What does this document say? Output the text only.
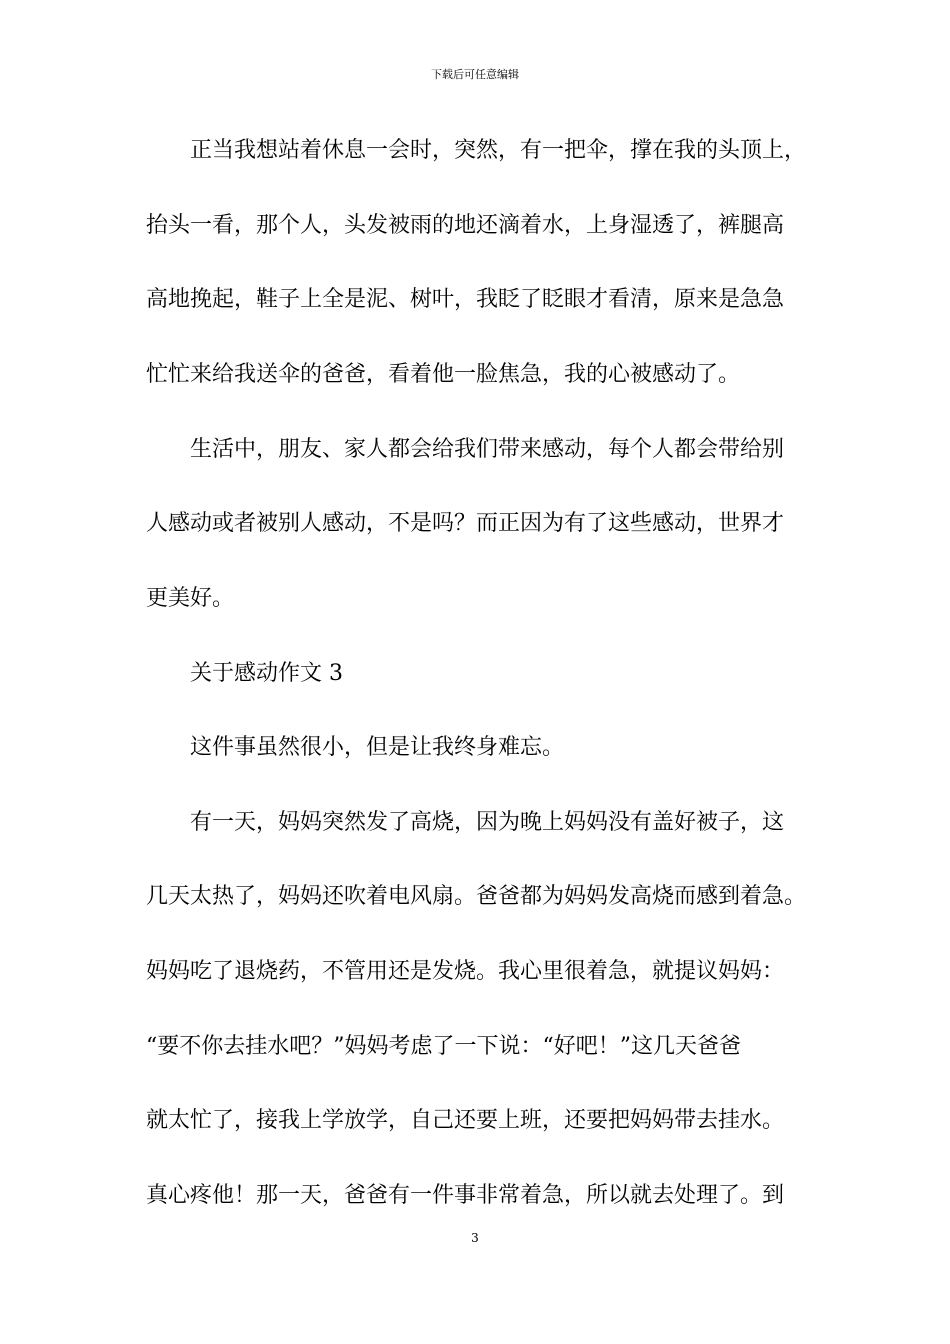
下载后可任意编辑
正当我想站着休息一会时，突然，有一把伞，撑在我的头顶上，
抬头一看，那个人，头发被雨的地还滴着水，上身湿透了，裤腿高
高地挽起，鞋子上全是泥、树叶，我眨了眨眼才看清，原来是急急
忙忙来给我送伞的爸爸，看着他一脸焦急，我的心被感动了。
生活中，朋友、家人都会给我们带来感动，每个人都会带给别
人感动或者被别人感动，不是吗？而正因为有了这些感动，世界才
更美好。
关于感动作文 3
这件事虽然很小，但是让我终身难忘。
有一天，妈妈突然发了高烧，因为晚上妈妈没有盖好被子，这
几天太热了，妈妈还吹着电风扇。爸爸都为妈妈发高烧而感到着急。
妈妈吃了退烧药，不管用还是发烧。我心里很着急，就提议妈妈：
“要不你去挂水吧？”妈妈考虑了一下说：“好吧！”这几天爸爸
就太忙了，接我上学放学，自己还要上班，还要把妈妈带去挂水。
真心疼他！那一天，爸爸有一件事非常着急，所以就去处理了。到
3
